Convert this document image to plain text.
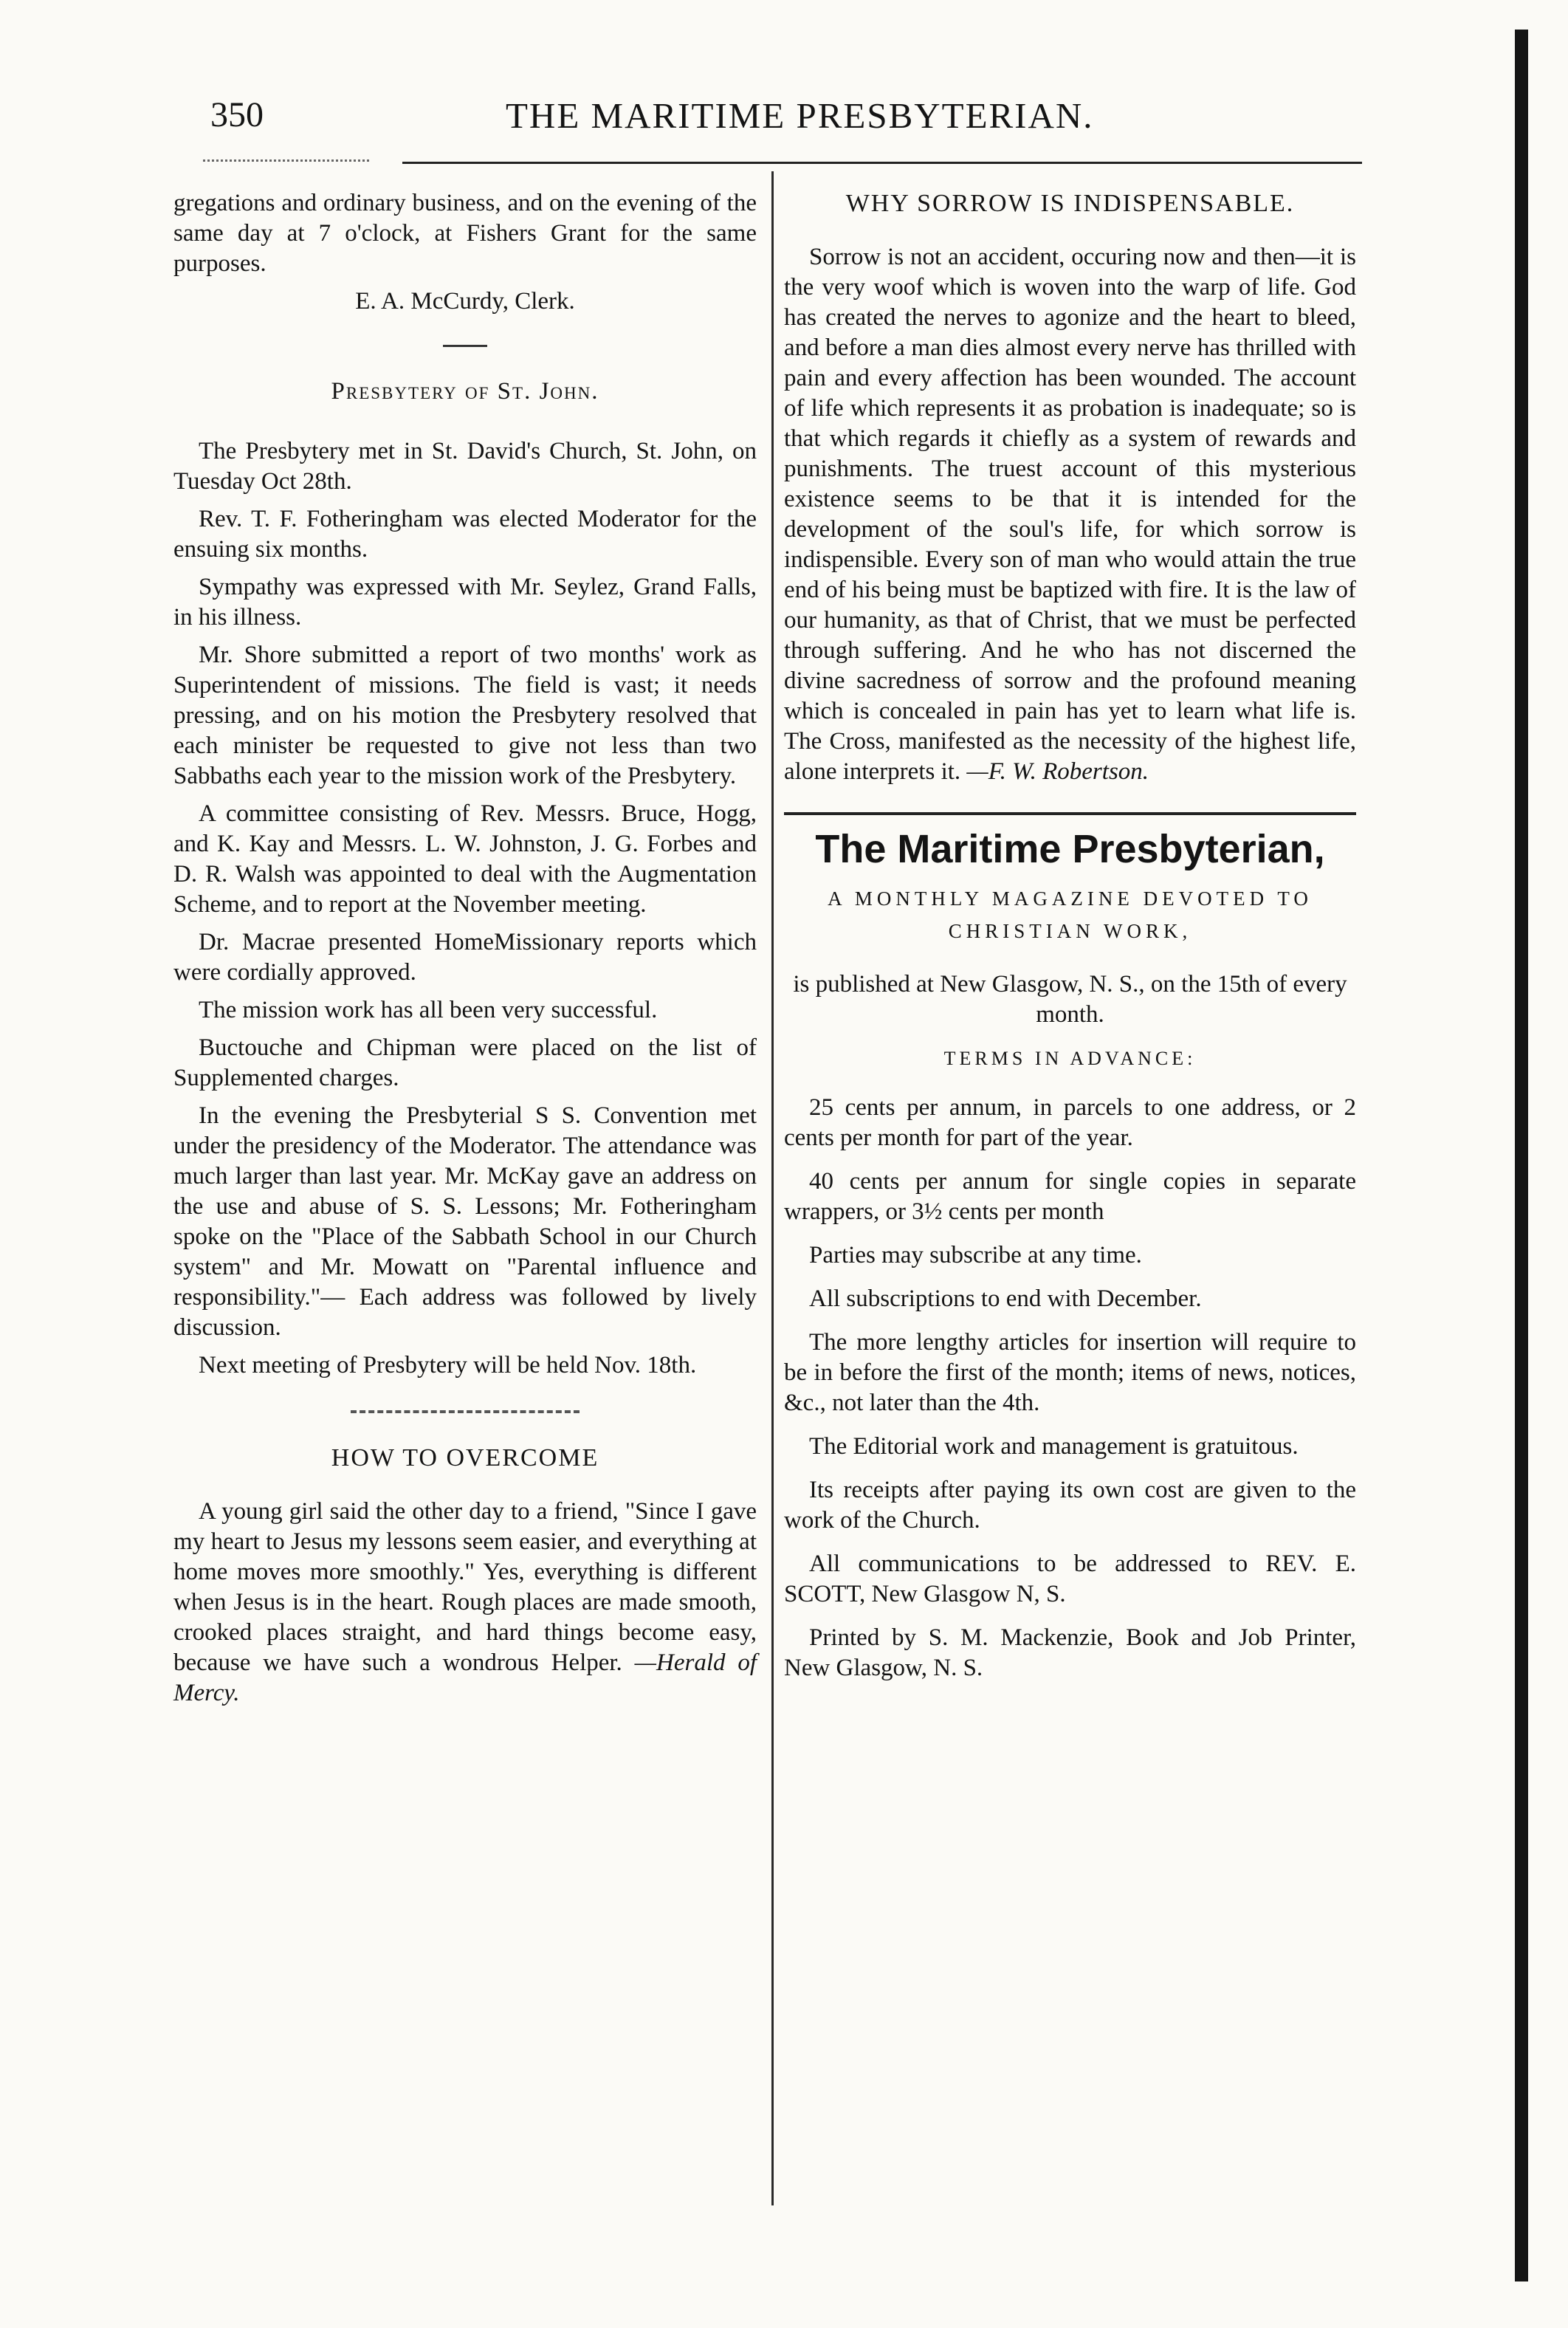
350	THE MARITIME PRESBYTERIAN.

gregations and ordinary business, and on the evening of the same day at 7 o'clock, at Fishers Grant for the same purposes.

E. A. McCurdy, Clerk.

Presbytery of St. John.

The Presbytery met in St. David's Church, St. John, on Tuesday Oct 28th.

Rev. T. F. Fotheringham was elected Moderator for the ensuing six months.

Sympathy was expressed with Mr. Seylez, Grand Falls, in his illness.

Mr. Shore submitted a report of two months' work as Superintendent of missions. The field is vast; it needs pressing, and on his motion the Presbytery resolved that each minister be requested to give not less than two Sabbaths each year to the mission work of the Presbytery.

A committee consisting of Rev. Messrs. Bruce, Hogg, and K. Kay and Messrs. L. W. Johnston, J. G. Forbes and D. R. Walsh was appointed to deal with the Augmentation Scheme, and to report at the November meeting.

Dr. Macrae presented HomeMissionary reports which were cordially approved.

The mission work has all been very successful.

Buctouche and Chipman were placed on the list of Supplemented charges.

In the evening the Presbyterial S S. Convention met under the presidency of the Moderator. The attendance was much larger than last year. Mr. McKay gave an address on the use and abuse of S. S. Lessons; Mr. Fotheringham spoke on the "Place of the Sabbath School in our Church system" and Mr. Mowatt on "Parental influence and responsibility."— Each address was followed by lively discussion.

Next meeting of Presbytery will be held Nov. 18th.

HOW TO OVERCOME

A young girl said the other day to a friend, "Since I gave my heart to Jesus my lessons seem easier, and everything at home moves more smoothly." Yes, everything is different when Jesus is in the heart. Rough places are made smooth, crooked places straight, and hard things become easy, because we have such a wondrous Helper. —Herald of Mercy.

WHY SORROW IS INDISPENSABLE.

Sorrow is not an accident, occuring now and then—it is the very woof which is woven into the warp of life. God has created the nerves to agonize and the heart to bleed, and before a man dies almost every nerve has thrilled with pain and every affection has been wounded. The account of life which represents it as probation is inadequate; so is that which regards it chiefly as a system of rewards and punishments. The truest account of this mysterious existence seems to be that it is intended for the development of the soul's life, for which sorrow is indispensible. Every son of man who would attain the true end of his being must be baptized with fire. It is the law of our humanity, as that of Christ, that we must be perfected through suffering. And he who has not discerned the divine sacredness of sorrow and the profound meaning which is concealed in pain has yet to learn what life is. The Cross, manifested as the necessity of the highest life, alone interprets it. —F. W. Robertson.

The Maritime Presbyterian,

A MONTHLY MAGAZINE DEVOTED TO CHRISTIAN WORK,

is published at New Glasgow, N. S., on the 15th of every month.

TERMS IN ADVANCE:

25 cents per annum, in parcels to one address, or 2 cents per month for part of the year.

40 cents per annum for single copies in separate wrappers, or 3½ cents per month

Parties may subscribe at any time.

All subscriptions to end with December.

The more lengthy articles for insertion will require to be in before the first of the month; items of news, notices, &c., not later than the 4th.

The Editorial work and management is gratuitous.

Its receipts after paying its own cost are given to the work of the Church.

All communications to be addressed to REV. E. SCOTT, New Glasgow N, S.

Printed by S. M. Mackenzie, Book and Job Printer, New Glasgow, N. S.
